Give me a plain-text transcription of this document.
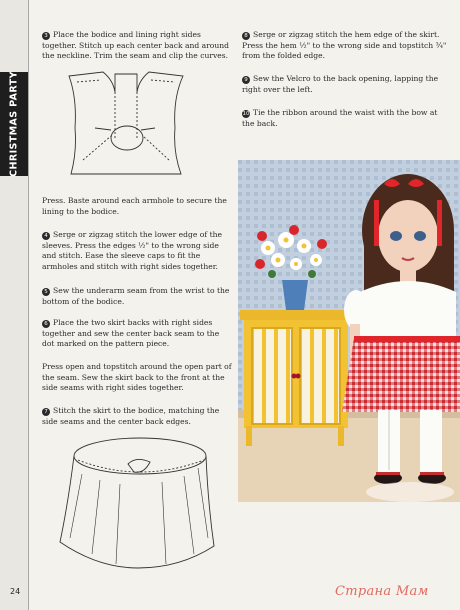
CHRISTMAS PARTY
3 Place the bodice and lining right sides together. Stitch up each center back and around the neckline. Trim the seam and clip the curves.
Press. Baste around each armhole to secure the lining to the bodice.
4 Serge or zigzag stitch the lower edge of the sleeves. Press the edges ½" to the wrong side and stitch. Ease the sleeve caps to fit the armholes and stitch with right sides together.
5 Sew the underarm seam from the wrist to the bottom of the bodice.
6 Place the two skirt backs with right sides together and sew the center back seam to the dot marked on the pattern piece.
Press open and topstitch around the open part of the seam. Sew the skirt back to the front at the side seams with right sides together.
7 Stitch the skirt to the bodice, matching the side seams and the center back edges.
8 Serge or zigzag stitch the hem edge of the skirt. Press the hem ½" to the wrong side and topstitch ¾" from the folded edge.
9 Sew the Velcro to the back opening, lapping the right over the left.
10 Tie the ribbon around the waist with the bow at the back.
24	Страна Мам
